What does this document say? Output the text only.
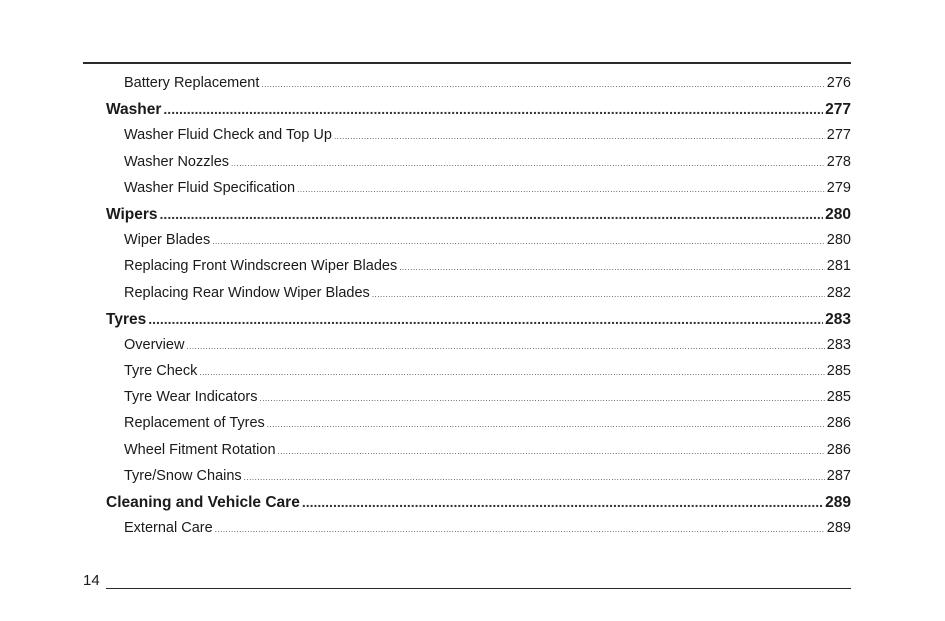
Battery Replacement .....	276
Washer .....	277
Washer Fluid Check and Top Up .....	277
Washer Nozzles .....	278
Washer Fluid Specification .....	279
Wipers .....	280
Wiper Blades .....	280
Replacing Front Windscreen Wiper Blades .....	281
Replacing Rear Window Wiper Blades .....	282
Tyres .....	283
Overview .....	283
Tyre Check .....	285
Tyre Wear Indicators .....	285
Replacement of Tyres .....	286
Wheel Fitment Rotation .....	286
Tyre/Snow Chains .....	287
Cleaning and Vehicle Care .....	289
External Care .....	289
14
